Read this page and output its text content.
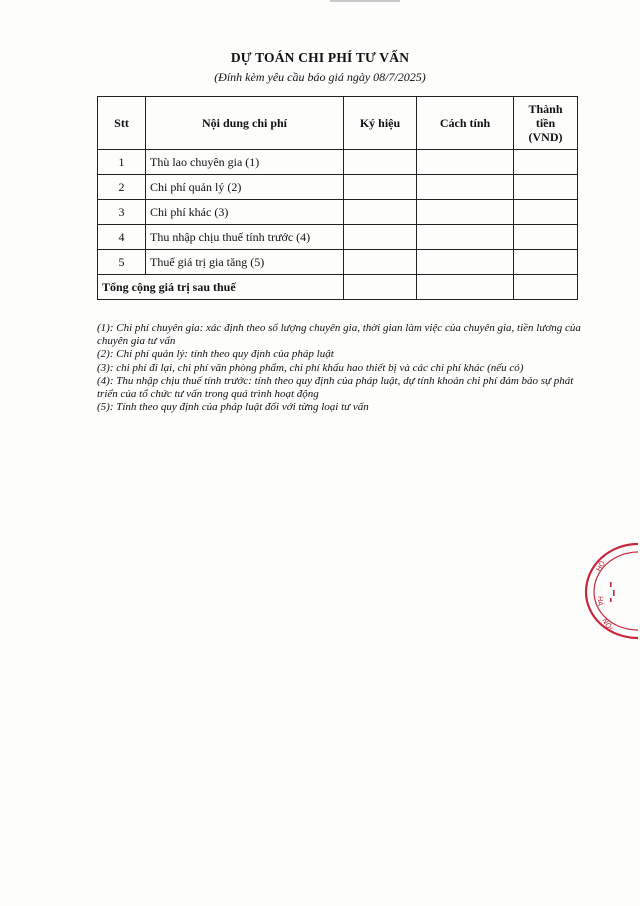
DỰ TOÁN CHI PHÍ TƯ VẤN
(Đính kèm yêu cầu báo giá ngày 08/7/2025)
Stt	Nội dung chi phí	Ký hiệu	Cách tính	Thành tiền (VND)
1	Thù lao chuyên gia (1)			
2	Chi phí quản lý (2)			
3	Chi phí khác (3)			
4	Thu nhập chịu thuế tính trước (4)			
5	Thuế giá trị gia tăng (5)			
Tổng cộng giá trị sau thuế				

(1): Chi phí chuyên gia: xác định theo số lượng chuyên gia, thời gian làm việc của chuyên gia, tiền lương của chuyên gia tư vấn

(2): Chi phí quản lý: tính theo quy định của pháp luật

(3): chi phí đi lại, chi phí văn phòng phẩm, chi phí khấu hao thiết bị và các chi phí khác (nếu có)

(4): Thu nhập chịu thuế tính trước: tính theo quy định của pháp luật, dự tính khoản chi phí đảm bảo sự phát triển của tổ chức tư vấn trong quá trình hoạt động

(5): Tính theo quy định của pháp luật đối với từng loại tư vấn

HỒ
HÀ
NỘI
